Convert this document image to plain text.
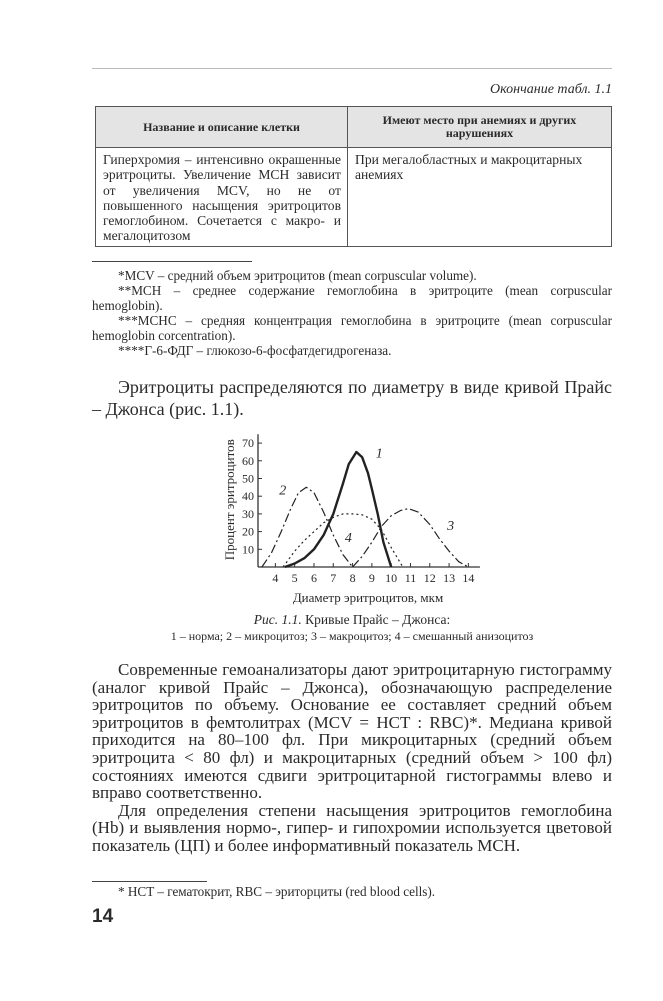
Окончание табл. 1.1
Название и описание клетки	Имеют место при анемиях и других нарушениях
Гиперхромия – интенсивно окрашенные эритроциты. Увеличение MCH зависит от увеличения MCV, но не от повышенного насыщения эритроцитов гемоглобином. Сочетается с макро- и мегалоцитозом	При мегалобластных и макроцитарных анемиях

*MCV – средний объем эритроцитов (mean corpuscular volume).

**MCH – среднее содержание гемоглобина в эритроците (mean corpuscular hemoglobin).

***MCHC – средняя концентрация гемоглобина в эритроците (mean corpuscular hemoglobin corcentration).

****Г-6-ФДГ – глюкозо-6-фосфатдегидрогеназа.

Эритроциты распределяются по диаметру в виде кривой Прайс – Джонса (рис. 1.1).

4 5 6 7 8 9 10 11 12 13 14
10
20
30
40
50
60
70
Диаметр эритроцитов, мкм
Процент эритроцитов	1
2
3
4
Рис. 1.1. Кривые Прайс – Джонса:
1 – норма; 2 – микроцитоз; 3 – макроцитоз; 4 – смешанный анизоцитоз

Современные гемоанализаторы дают эритроцитарную гистограмму (аналог кривой Прайс – Джонса), обозначающую распределение эритроцитов по объему. Основание ее составляет средний объем эритроцитов в фемтолитрах (MCV = HCT : RBC)*. Медиана кривой приходится на 80–100 фл. При микроцитарных (средний объем эритроцита < 80 фл) и макроцитарных (средний объем > 100 фл) состояниях имеются сдвиги эритроцитарной гистограммы влево и вправо соответственно.

Для определения степени насыщения эритроцитов гемоглобина (Hb) и выявления нормо-, гипер- и гипохромии используется цветовой показатель (ЦП) и более информативный показатель MCH.

* HCT – гематокрит, RBC – эриторциты (red blood cells).

14
